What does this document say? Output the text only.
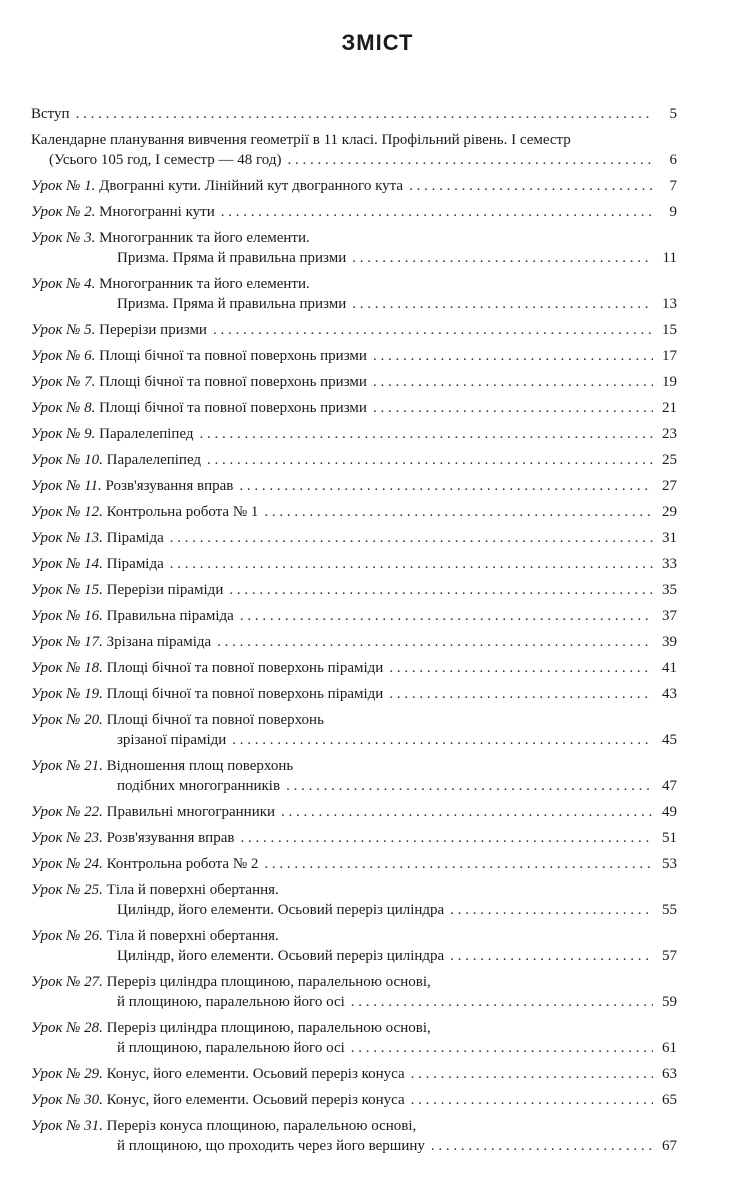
ЗМІСТ
Вступ . . .	5
Календарне планування вивчення геометрії в 11 класі. Профільний рівень. І семестр
(Усього 105 год, І семестр — 48 год) . . .	6
Урок № 1. Двогранні кути. Лінійний кут двогранного кута . . .	7
Урок № 2. Многогранні кути . . .	9
Урок № 3. Многогранник та його елементи.
Призма. Пряма й правильна призми . . .	11
Урок № 4. Многогранник та його елементи.
Призма. Пряма й правильна призми . . .	13
Урок № 5. Перерізи призми . . .	15
Урок № 6. Площі бічної та повної поверхонь призми . . .	17
Урок № 7. Площі бічної та повної поверхонь призми . . .	19
Урок № 8. Площі бічної та повної поверхонь призми . . .	21
Урок № 9. Паралелепіпед . . .	23
Урок № 10. Паралелепіпед . . .	25
Урок № 11. Розв'язування вправ . . .	27
Урок № 12. Контрольна робота № 1 . . .	29
Урок № 13. Піраміда . . .	31
Урок № 14. Піраміда . . .	33
Урок № 15. Перерізи піраміди . . .	35
Урок № 16. Правильна піраміда . . .	37
Урок № 17. Зрізана піраміда . . .	39
Урок № 18. Площі бічної та повної поверхонь піраміди . . .	41
Урок № 19. Площі бічної та повної поверхонь піраміди . . .	43
Урок № 20. Площі бічної та повної поверхонь
зрізаної піраміди . . .	45
Урок № 21. Відношення площ поверхонь
подібних многогранників . . .	47
Урок № 22. Правильні многогранники . . .	49
Урок № 23. Розв'язування вправ . . .	51
Урок № 24. Контрольна робота № 2 . . .	53
Урок № 25. Тіла й поверхні обертання.
Циліндр, його елементи. Осьовий переріз циліндра . . .	55
Урок № 26. Тіла й поверхні обертання.
Циліндр, його елементи. Осьовий переріз циліндра . . .	57
Урок № 27. Переріз циліндра площиною, паралельною основі,
й площиною, паралельною його осі . . .	59
Урок № 28. Переріз циліндра площиною, паралельною основі,
й площиною, паралельною його осі . . .	61
Урок № 29. Конус, його елементи. Осьовий переріз конуса . . .	63
Урок № 30. Конус, його елементи. Осьовий переріз конуса . . .	65
Урок № 31. Переріз конуса площиною, паралельною основі,
й площиною, що проходить через його вершину . . .	67
